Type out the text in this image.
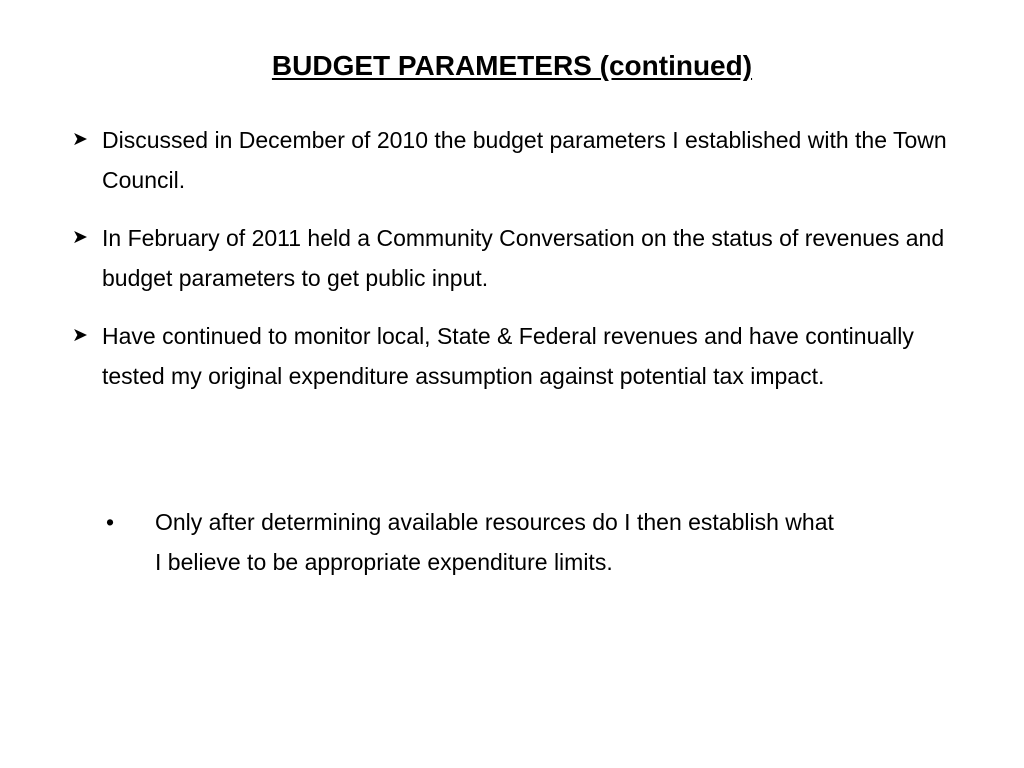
BUDGET PARAMETERS (continued)
➤ Discussed in December of 2010 the budget parameters I established with the Town Council.
➤ In February of 2011 held a Community Conversation on the status of revenues and budget parameters to get public input.
➤ Have continued to monitor local, State & Federal revenues and have continually tested my original expenditure assumption against potential tax impact.
• Only after determining available resources do I then establish what I believe to be appropriate expenditure limits.
